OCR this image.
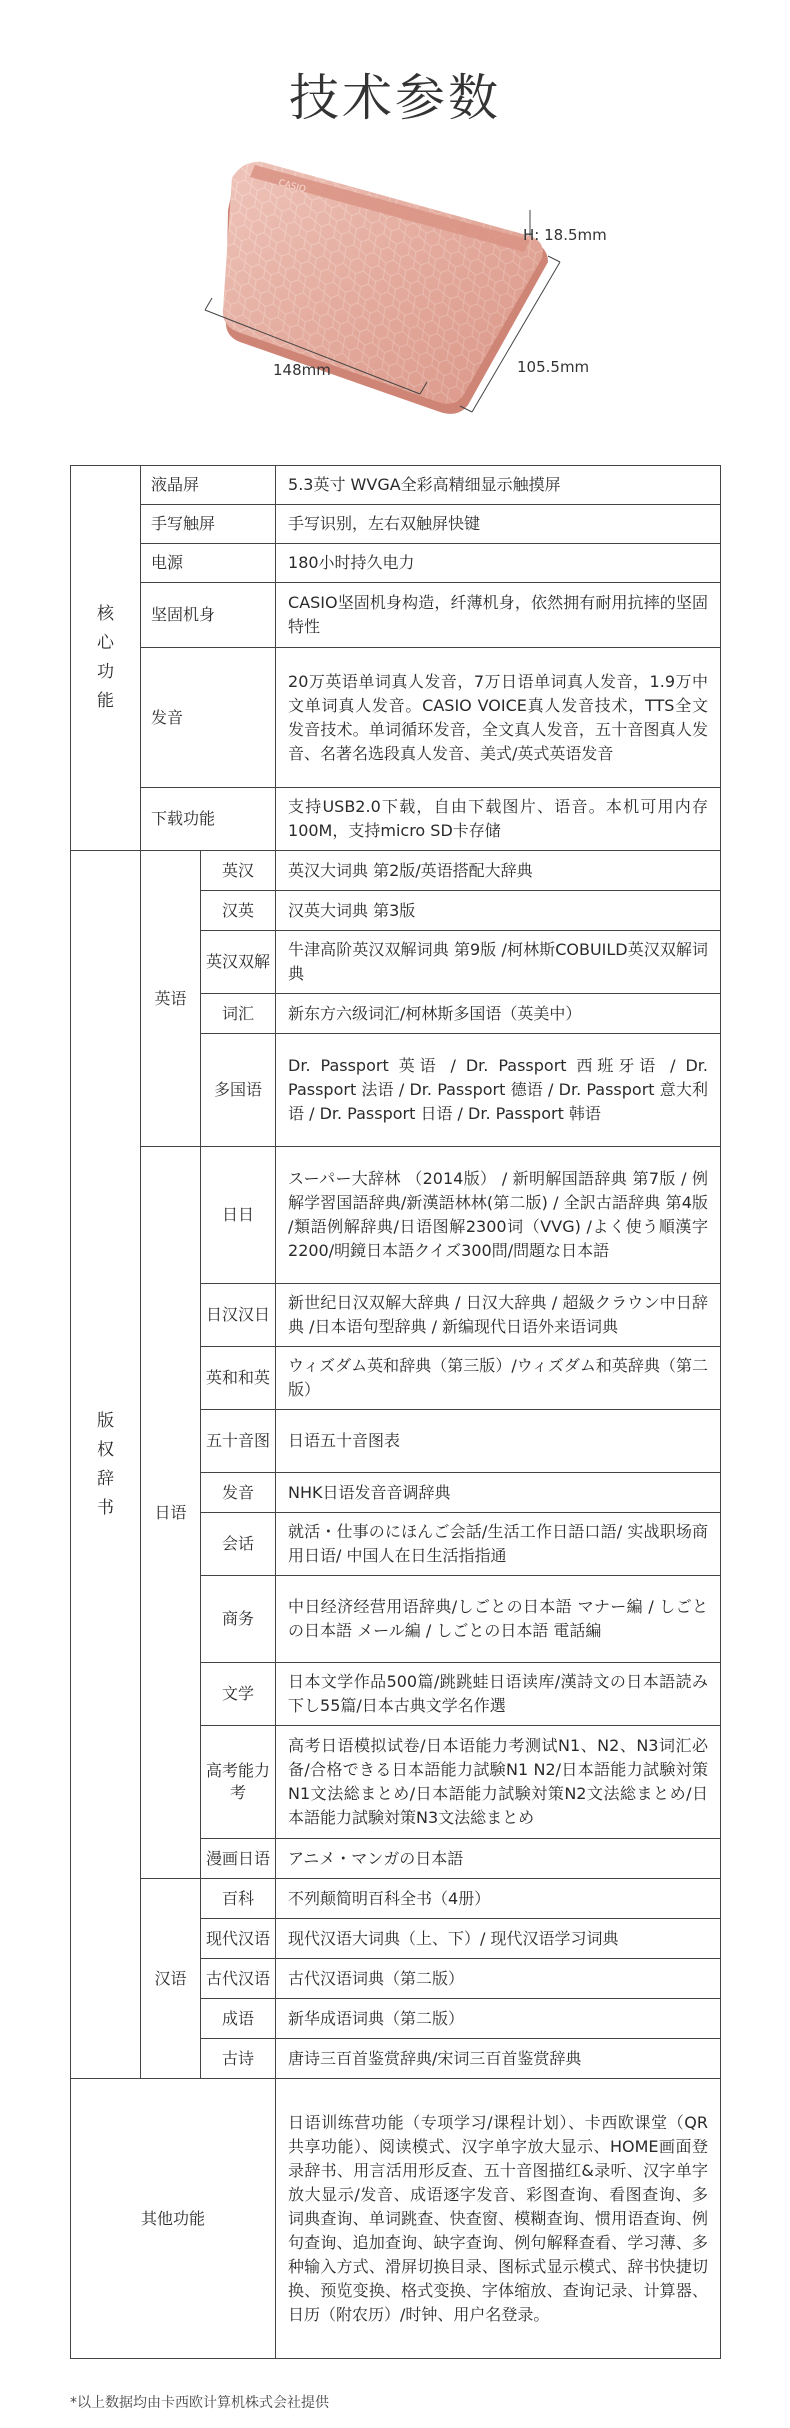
技术参数
CASIO
H: 18.5mm
148mm	105.5mm
核心功能	液晶屏		5.3英寸 WVGA全彩高精细显示触摸屏
	手写触屏		手写识别，左右双触屏快键
	电源		180小时持久电力
	坚固机身		CASIO坚固机身构造，纤薄机身，依然拥有耐用抗摔的坚固特性
	发音		20万英语单词真人发音，7万日语单词真人发音，1.9万中文单词真人发音。CASIO VOICE真人发音技术，TTS全文发音技术。单词循环发音，全文真人发音，五十音图真人发音、名著名选段真人发音、美式/英式英语发音
	下载功能		支持USB2.0下载，自由下载图片、语音。本机可用内存100M，支持micro SD卡存储
版权辞书	英语	英汉	英汉大词典 第2版/英语搭配大辞典
		汉英	汉英大词典 第3版
		英汉双解	牛津高阶英汉双解词典 第9版 /柯林斯COBUILD英汉双解词典
		词汇	新东方六级词汇/柯林斯多国语（英美中）
		多国语	Dr. Passport 英语 / Dr. Passport 西班牙语 / Dr. Passport 法语 / Dr. Passport 德语 / Dr. Passport 意大利语 / Dr. Passport 日语 / Dr. Passport 韩语
	日语	日日	スーパー大辞林 （2014版） / 新明解国語辞典 第7版 / 例解学習国語辞典/新漢語林林(第二版) / 全訳古語辞典 第4版 /類語例解辞典/日语图解2300词（VVG) /よく使う順漢字2200/明鏡日本語クイズ300問/問題な日本語
		日汉汉日	新世纪日汉双解大辞典 / 日汉大辞典 / 超級クラウン中日辞典 /日本语句型辞典 / 新编现代日语外来语词典
		英和和英	ウィズダム英和辞典（第三版）/ウィズダム和英辞典（第二版）
		五十音图	日语五十音图表
		发音	NHK日语发音音调辞典
		会话	就活・仕事のにほんご会話/生活工作日語口語/ 实战职场商用日语/ 中国人在日生活指指通
		商务	中日经济经营用语辞典/しごとの日本語 マナー編 / しごとの日本語 メール編 / しごとの日本語 電話編
		文学	日本文学作品500篇/跳跳蛙日语读库/漢詩文の日本語読み下し55篇/日本古典文学名作選
		高考能力考	高考日语模拟试卷/日本语能力考测试N1、N2、N3词汇必备/合格できる日本語能力試験N1 N2/日本語能力試験対策N1文法総まとめ/日本語能力試験対策N2文法総まとめ/日本語能力試験対策N3文法総まとめ
		漫画日语	アニメ・マンガの日本語
	汉语	百科	不列颠简明百科全书（4册）
		现代汉语	现代汉语大词典（上、下）/ 现代汉语学习词典
		古代汉语	古代汉语词典（第二版）
		成语	新华成语词典（第二版）
		古诗	唐诗三百首鉴赏辞典/宋词三百首鉴赏辞典
其他功能			日语训练营功能（专项学习/课程计划）、卡西欧课堂（QR共享功能）、阅读模式、汉字单字放大显示、HOME画面登录辞书、用言活用形反查、五十音图描红&录听、汉字单字放大显示/发音、成语逐字发音、彩图查询、看图查询、多词典查询、单词跳查、快查窗、模糊查询、惯用语查询、例句查询、追加查询、缺字查询、例句解释查看、学习薄、多种输入方式、滑屏切换目录、图标式显示模式、辞书快捷切换、预览变换、格式变换、字体缩放、查询记录、计算器、日历（附农历）/时钟、用户名登录。
*以上数据均由卡西欧计算机株式会社提供
